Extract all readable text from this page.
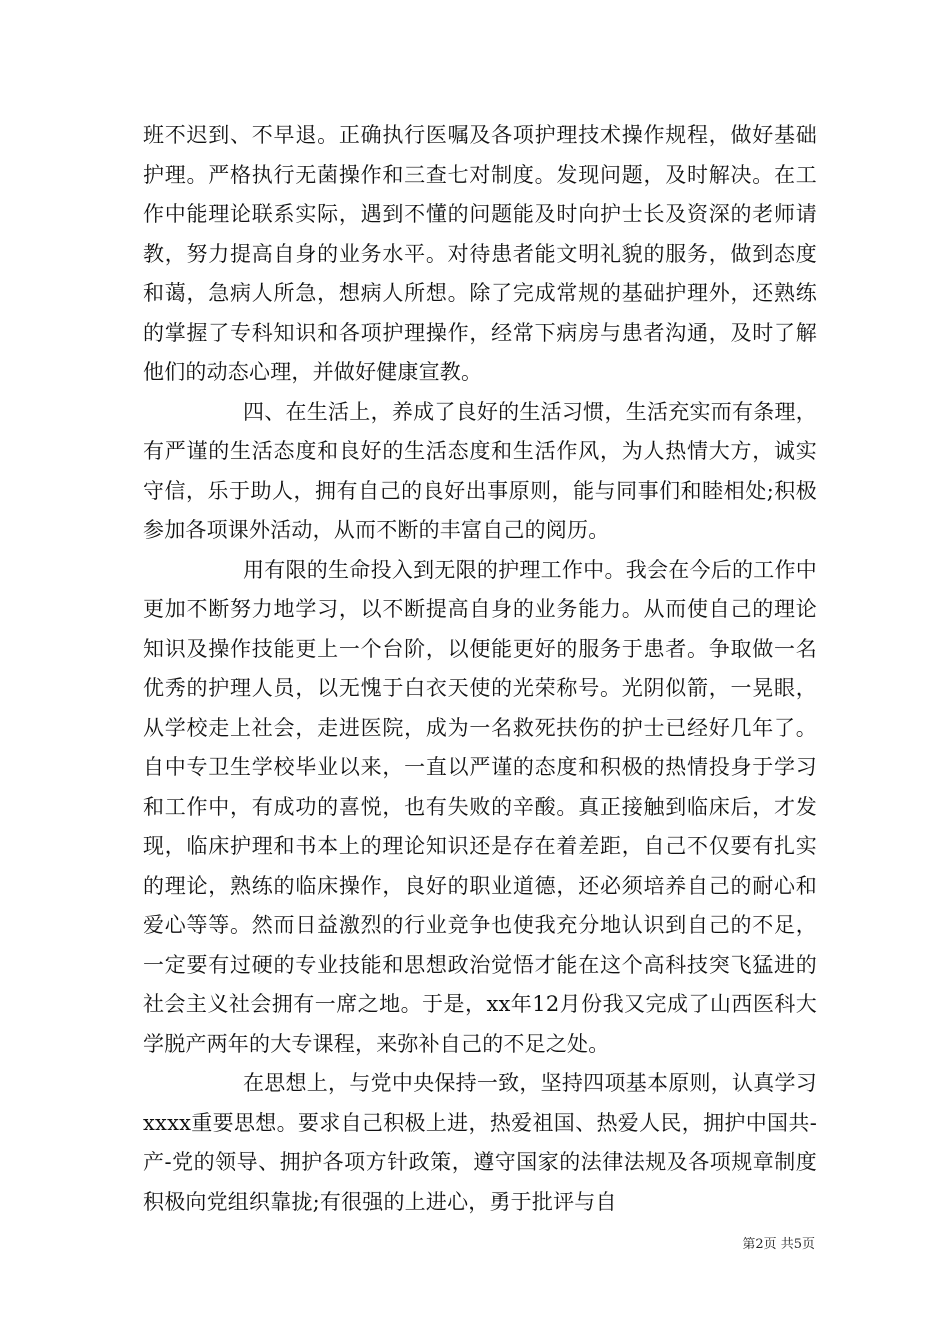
班不迟到、不早退。正确执行医嘱及各项护理技术操作规程，做好基础护理。严格执行无菌操作和三查七对制度。发现问题，及时解决。在工作中能理论联系实际，遇到不懂的问题能及时向护士长及资深的老师请教，努力提高自身的业务水平。对待患者能文明礼貌的服务，做到态度和蔼，急病人所急，想病人所想。除了完成常规的基础护理外，还熟练的掌握了专科知识和各项护理操作，经常下病房与患者沟通，及时了解他们的动态心理，并做好健康宣教。

四、在生活上，养成了良好的生活习惯，生活充实而有条理，有严谨的生活态度和良好的生活态度和生活作风，为人热情大方，诚实守信，乐于助人，拥有自己的良好出事原则，能与同事们和睦相处;积极参加各项课外活动，从而不断的丰富自己的阅历。

用有限的生命投入到无限的护理工作中。我会在今后的工作中更加不断努力地学习，以不断提高自身的业务能力。从而使自己的理论知识及操作技能更上一个台阶，以便能更好的服务于患者。争取做一名优秀的护理人员，以无愧于白衣天使的光荣称号。光阴似箭，一晃眼，从学校走上社会，走进医院，成为一名救死扶伤的护士已经好几年了。自中专卫生学校毕业以来，一直以严谨的态度和积极的热情投身于学习和工作中，有成功的喜悦，也有失败的辛酸。真正接触到临床后，才发现，临床护理和书本上的理论知识还是存在着差距，自己不仅要有扎实的理论，熟练的临床操作，良好的职业道德，还必须培养自己的耐心和爱心等等。然而日益激烈的行业竞争也使我充分地认识到自己的不足，一定要有过硬的专业技能和思想政治觉悟才能在这个高科技突飞猛进的社会主义社会拥有一席之地。于是，xx年12月份我又完成了山西医科大学脱产两年的大专课程，来弥补自己的不足之处。

在思想上，与党中央保持一致，坚持四项基本原则，认真学习xxxx重要思想。要求自己积极上进，热爱祖国、热爱人民，拥护中国共-产-党的领导、拥护各项方针政策，遵守国家的法律法规及各项规章制度积极向党组织靠拢;有很强的上进心，勇于批评与自

第2页 共5页
